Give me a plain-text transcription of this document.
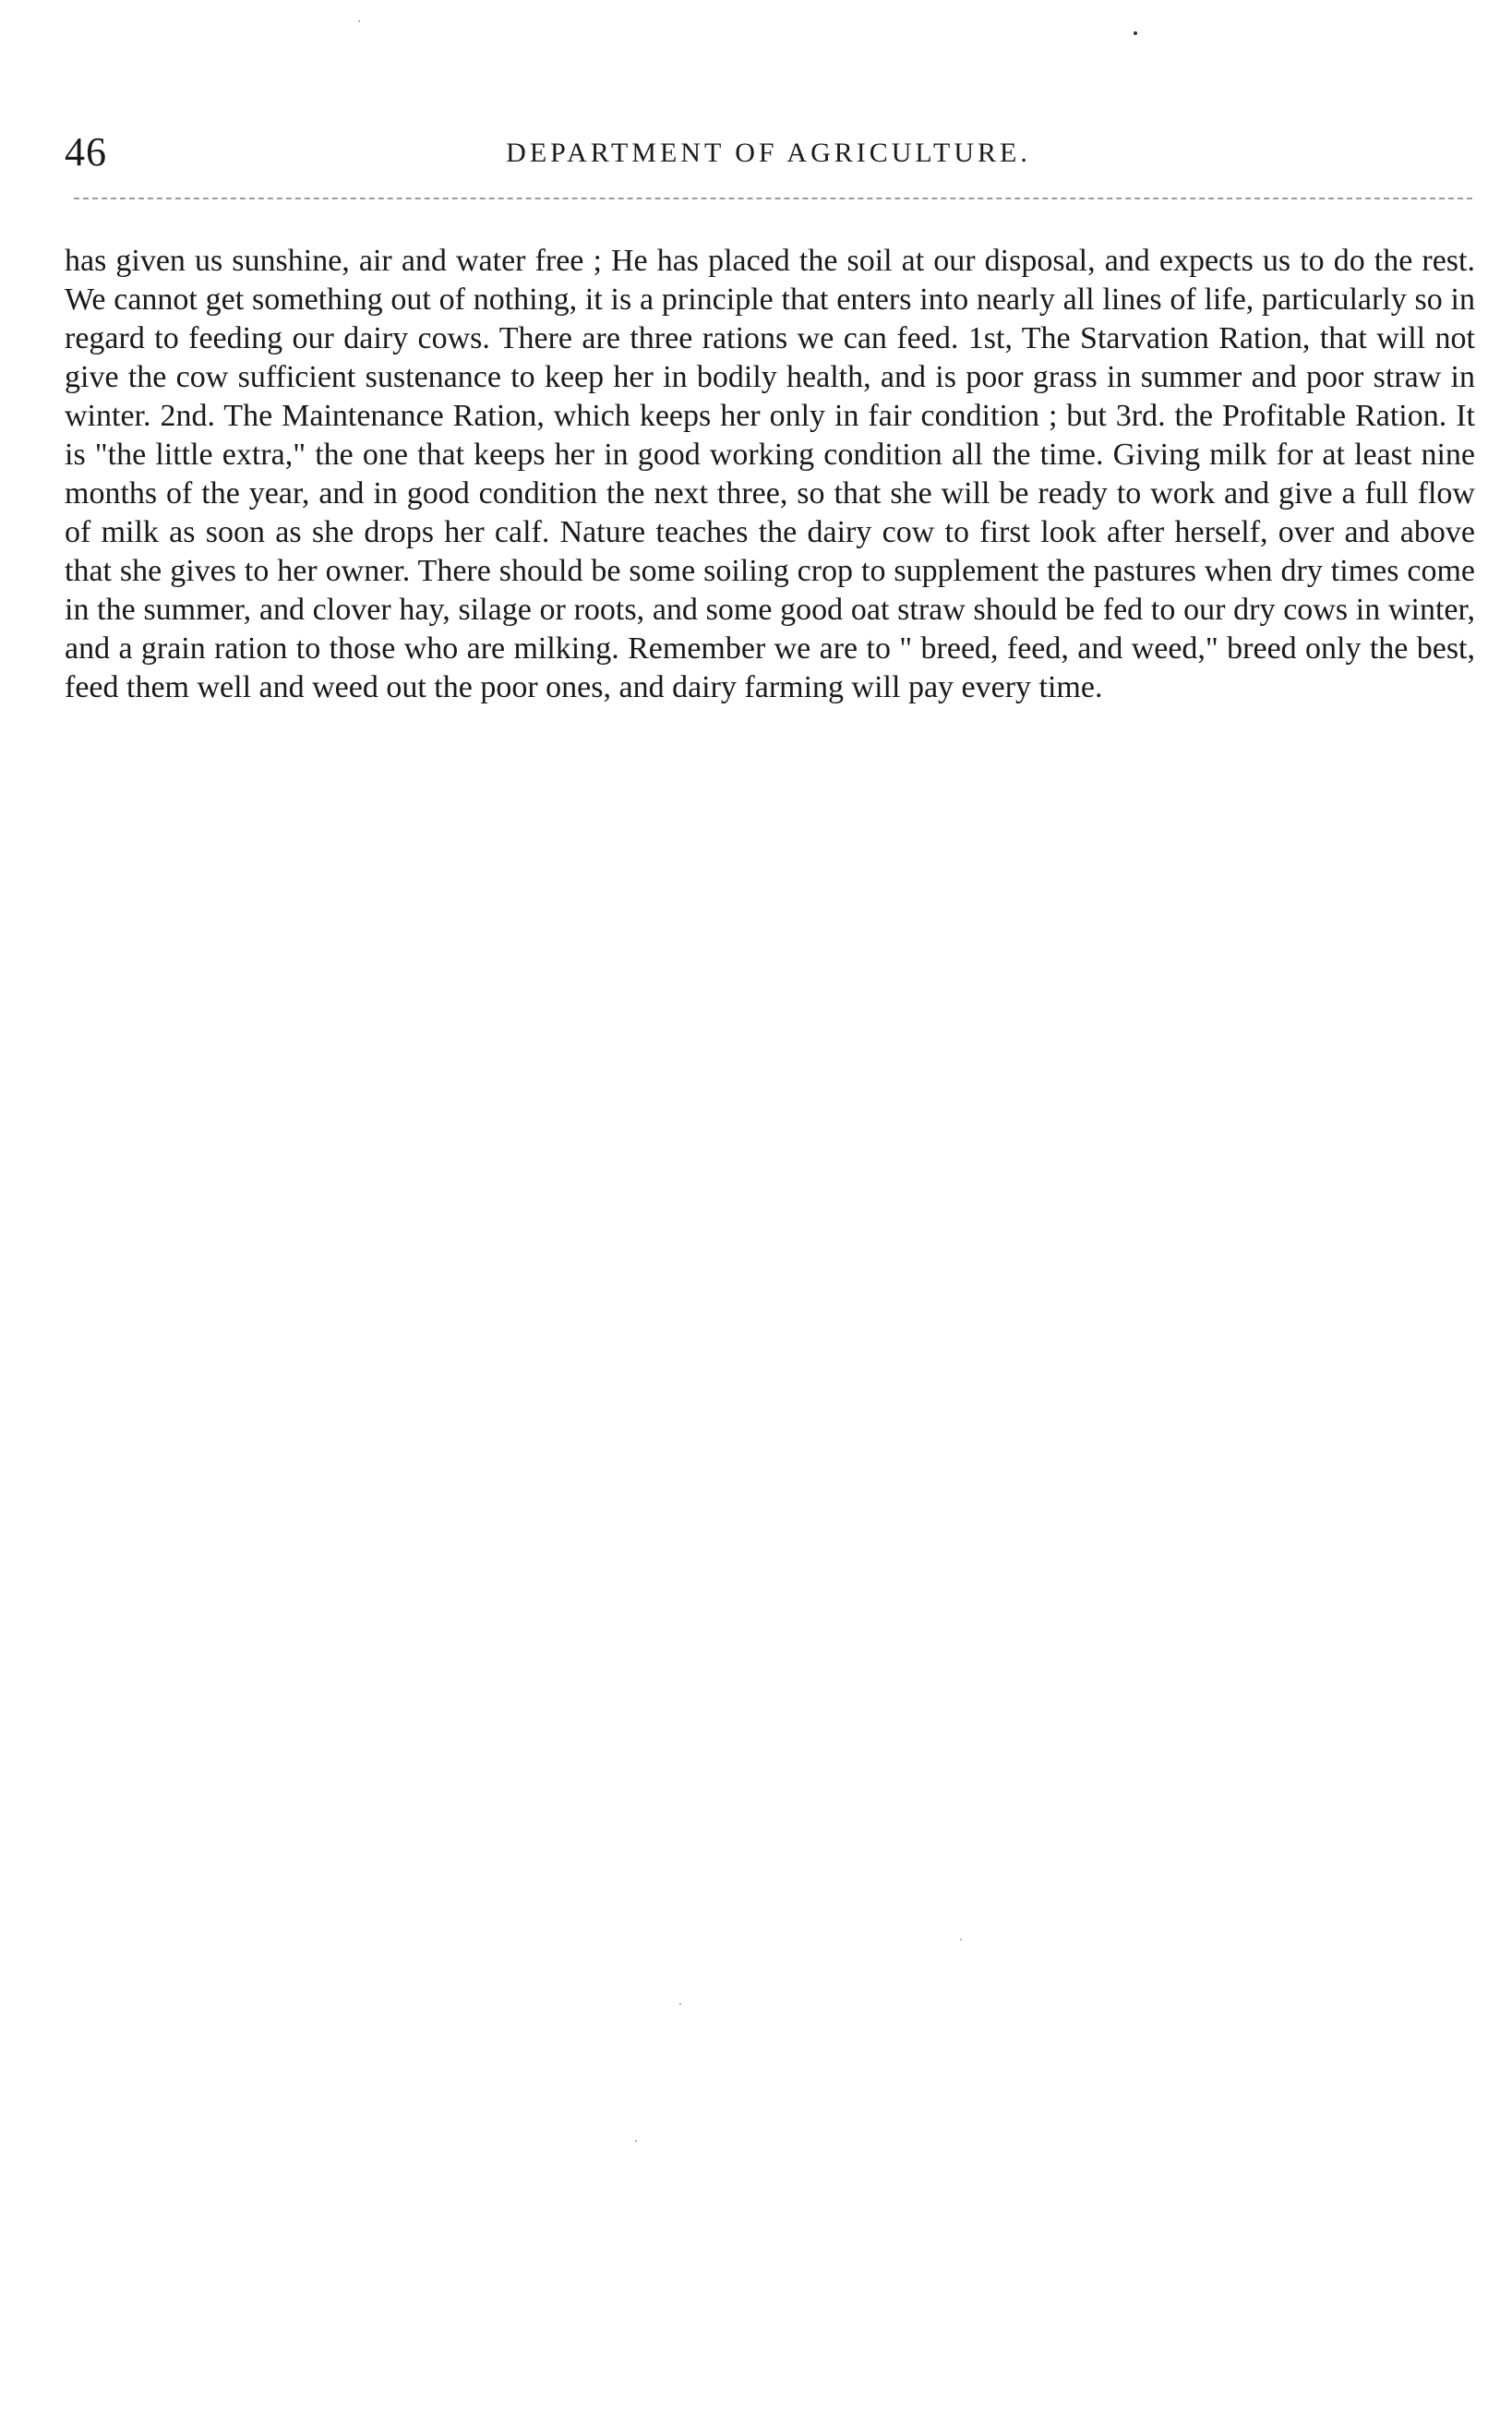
46	DEPARTMENT OF AGRICULTURE.

has given us sunshine, air and water free ; He has placed the soil at our disposal, and expects us to do the rest. We cannot get something out of nothing, it is a principle that enters into nearly all lines of life, particularly so in regard to feeding our dairy cows. There are three rations we can feed. 1st, The Starvation Ration, that will not give the cow sufficient sustenance to keep her in bodily health, and is poor grass in summer and poor straw in winter. 2nd. The Maintenance Ration, which keeps her only in fair condition ; but 3rd. the Profitable Ration. It is "the little extra," the one that keeps her in good working condition all the time. Giving milk for at least nine months of the year, and in good condition the next three, so that she will be ready to work and give a full flow of milk as soon as she drops her calf. Nature teaches the dairy cow to first look after herself, over and above that she gives to her owner. There should be some soiling crop to supplement the pastures when dry times come in the summer, and clover hay, silage or roots, and some good oat straw should be fed to our dry cows in winter, and a grain ration to those who are milking. Remember we are to " breed, feed, and weed," breed only the best, feed them well and weed out the poor ones, and dairy farming will pay every time.
